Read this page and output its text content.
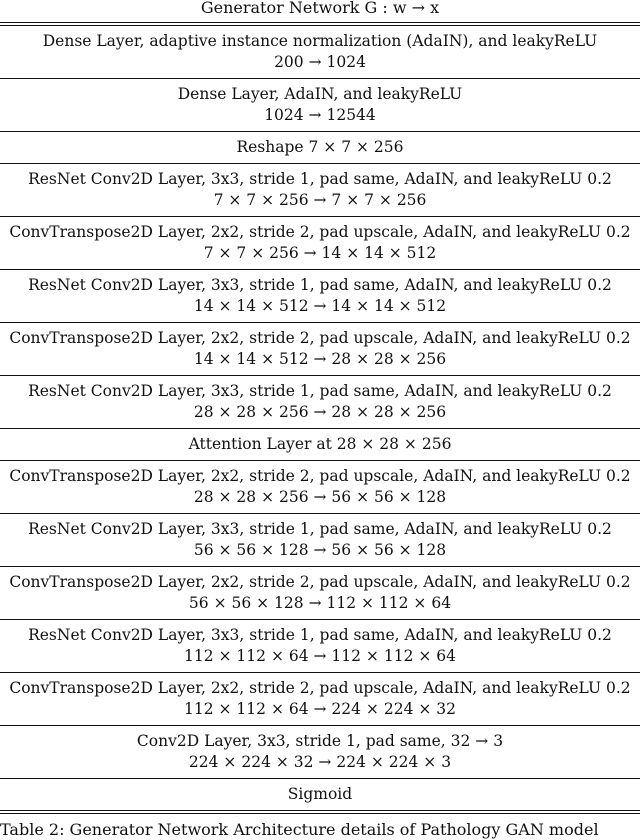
Generator Network G : w → x
Dense Layer, adaptive instance normalization (AdaIN), and leakyReLU
200 → 1024
Dense Layer, AdaIN, and leakyReLU
1024 → 12544
Reshape 7 × 7 × 256
ResNet Conv2D Layer, 3x3, stride 1, pad same, AdaIN, and leakyReLU 0.2
7 × 7 × 256 → 7 × 7 × 256
ConvTranspose2D Layer, 2x2, stride 2, pad upscale, AdaIN, and leakyReLU 0.2
7 × 7 × 256 → 14 × 14 × 512
ResNet Conv2D Layer, 3x3, stride 1, pad same, AdaIN, and leakyReLU 0.2
14 × 14 × 512 → 14 × 14 × 512
ConvTranspose2D Layer, 2x2, stride 2, pad upscale, AdaIN, and leakyReLU 0.2
14 × 14 × 512 → 28 × 28 × 256
ResNet Conv2D Layer, 3x3, stride 1, pad same, AdaIN, and leakyReLU 0.2
28 × 28 × 256 → 28 × 28 × 256
Attention Layer at 28 × 28 × 256
ConvTranspose2D Layer, 2x2, stride 2, pad upscale, AdaIN, and leakyReLU 0.2
28 × 28 × 256 → 56 × 56 × 128
ResNet Conv2D Layer, 3x3, stride 1, pad same, AdaIN, and leakyReLU 0.2
56 × 56 × 128 → 56 × 56 × 128
ConvTranspose2D Layer, 2x2, stride 2, pad upscale, AdaIN, and leakyReLU 0.2
56 × 56 × 128 → 112 × 112 × 64
ResNet Conv2D Layer, 3x3, stride 1, pad same, AdaIN, and leakyReLU 0.2
112 × 112 × 64 → 112 × 112 × 64
ConvTranspose2D Layer, 2x2, stride 2, pad upscale, AdaIN, and leakyReLU 0.2
112 × 112 × 64 → 224 × 224 × 32
Conv2D Layer, 3x3, stride 1, pad same, 32 → 3
224 × 224 × 32 → 224 × 224 × 3
Sigmoid
Table 2: Generator Network Architecture details of Pathology GAN model
